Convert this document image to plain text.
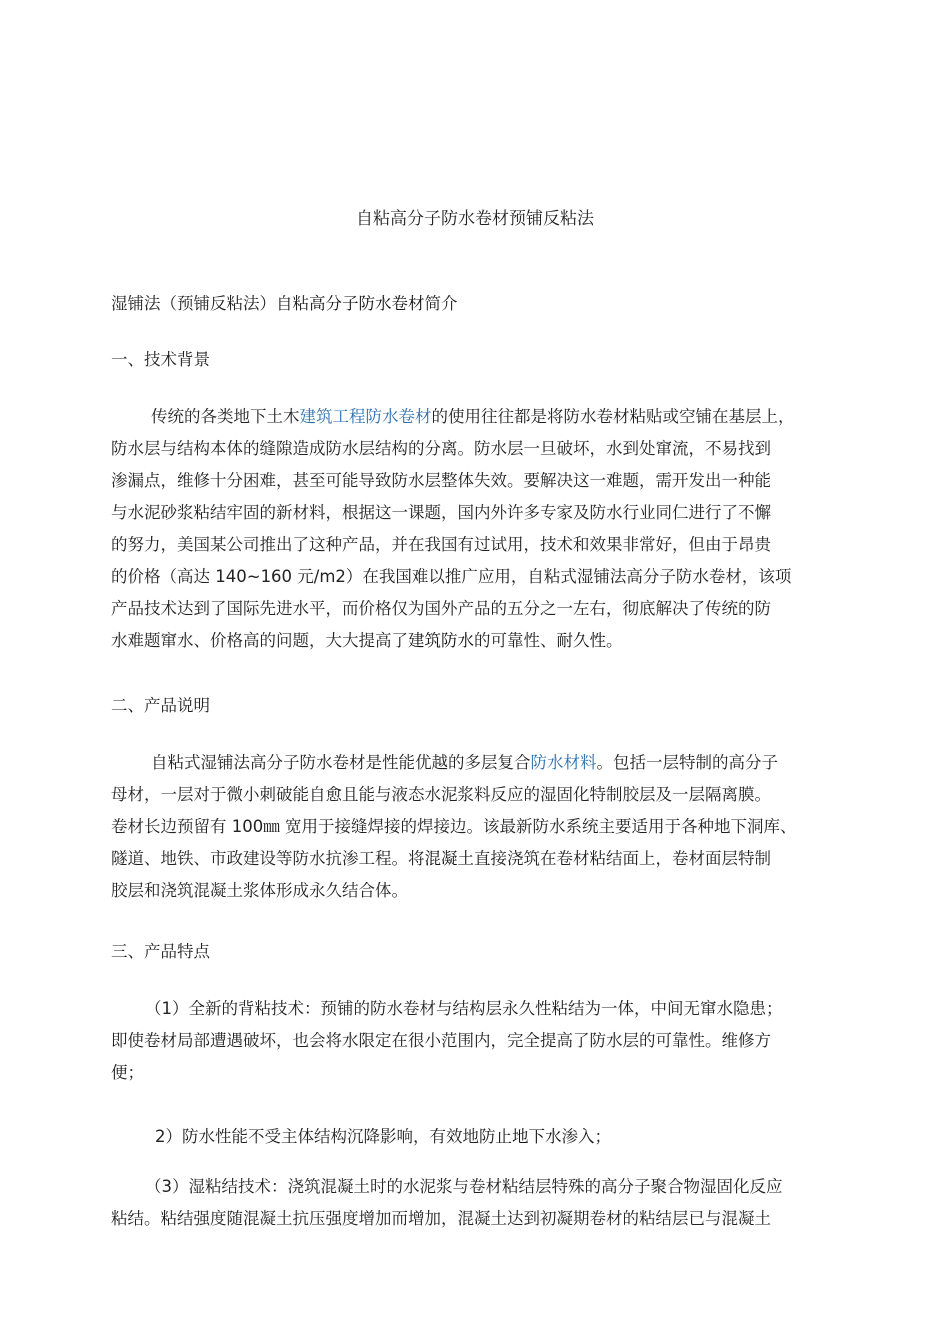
自粘高分子防水卷材预铺反粘法
湿铺法（预铺反粘法）自粘高分子防水卷材简介
一、技术背景
传统的各类地下土木建筑工程防水卷材的使用往往都是将防水卷材粘贴或空铺在基层上，
防水层与结构本体的缝隙造成防水层结构的分离。防水层一旦破坏，水到处窜流，不易找到
渗漏点，维修十分困难，甚至可能导致防水层整体失效。要解决这一难题，需开发出一种能
与水泥砂浆粘结牢固的新材料，根据这一课题，国内外许多专家及防水行业同仁进行了不懈
的努力，美国某公司推出了这种产品，并在我国有过试用，技术和效果非常好，但由于昂贵
的价格（高达 140~160 元/m2）在我国难以推广应用，自粘式湿铺法高分子防水卷材，该项
产品技术达到了国际先进水平，而价格仅为国外产品的五分之一左右，彻底解决了传统的防
水难题窜水、价格高的问题，大大提高了建筑防水的可靠性、耐久性。
二、产品说明
自粘式湿铺法高分子防水卷材是性能优越的多层复合防水材料。包括一层特制的高分子
母材，一层对于微小刺破能自愈且能与液态水泥浆料反应的湿固化特制胶层及一层隔离膜。
卷材长边预留有 100㎜ 宽用于接缝焊接的焊接边。该最新防水系统主要适用于各种地下洞库、
隧道、地铁、市政建设等防水抗渗工程。将混凝土直接浇筑在卷材粘结面上，卷材面层特制
胶层和浇筑混凝土浆体形成永久结合体。
三、产品特点
（1）全新的背粘技术：预铺的防水卷材与结构层永久性粘结为一体，中间无窜水隐患；
即使卷材局部遭遇破坏，也会将水限定在很小范围内，完全提高了防水层的可靠性。维修方
便；
2）防水性能不受主体结构沉降影响，有效地防止地下水渗入；
（3）湿粘结技术：浇筑混凝土时的水泥浆与卷材粘结层特殊的高分子聚合物湿固化反应
粘结。粘结强度随混凝土抗压强度增加而增加，混凝土达到初凝期卷材的粘结层已与混凝土
